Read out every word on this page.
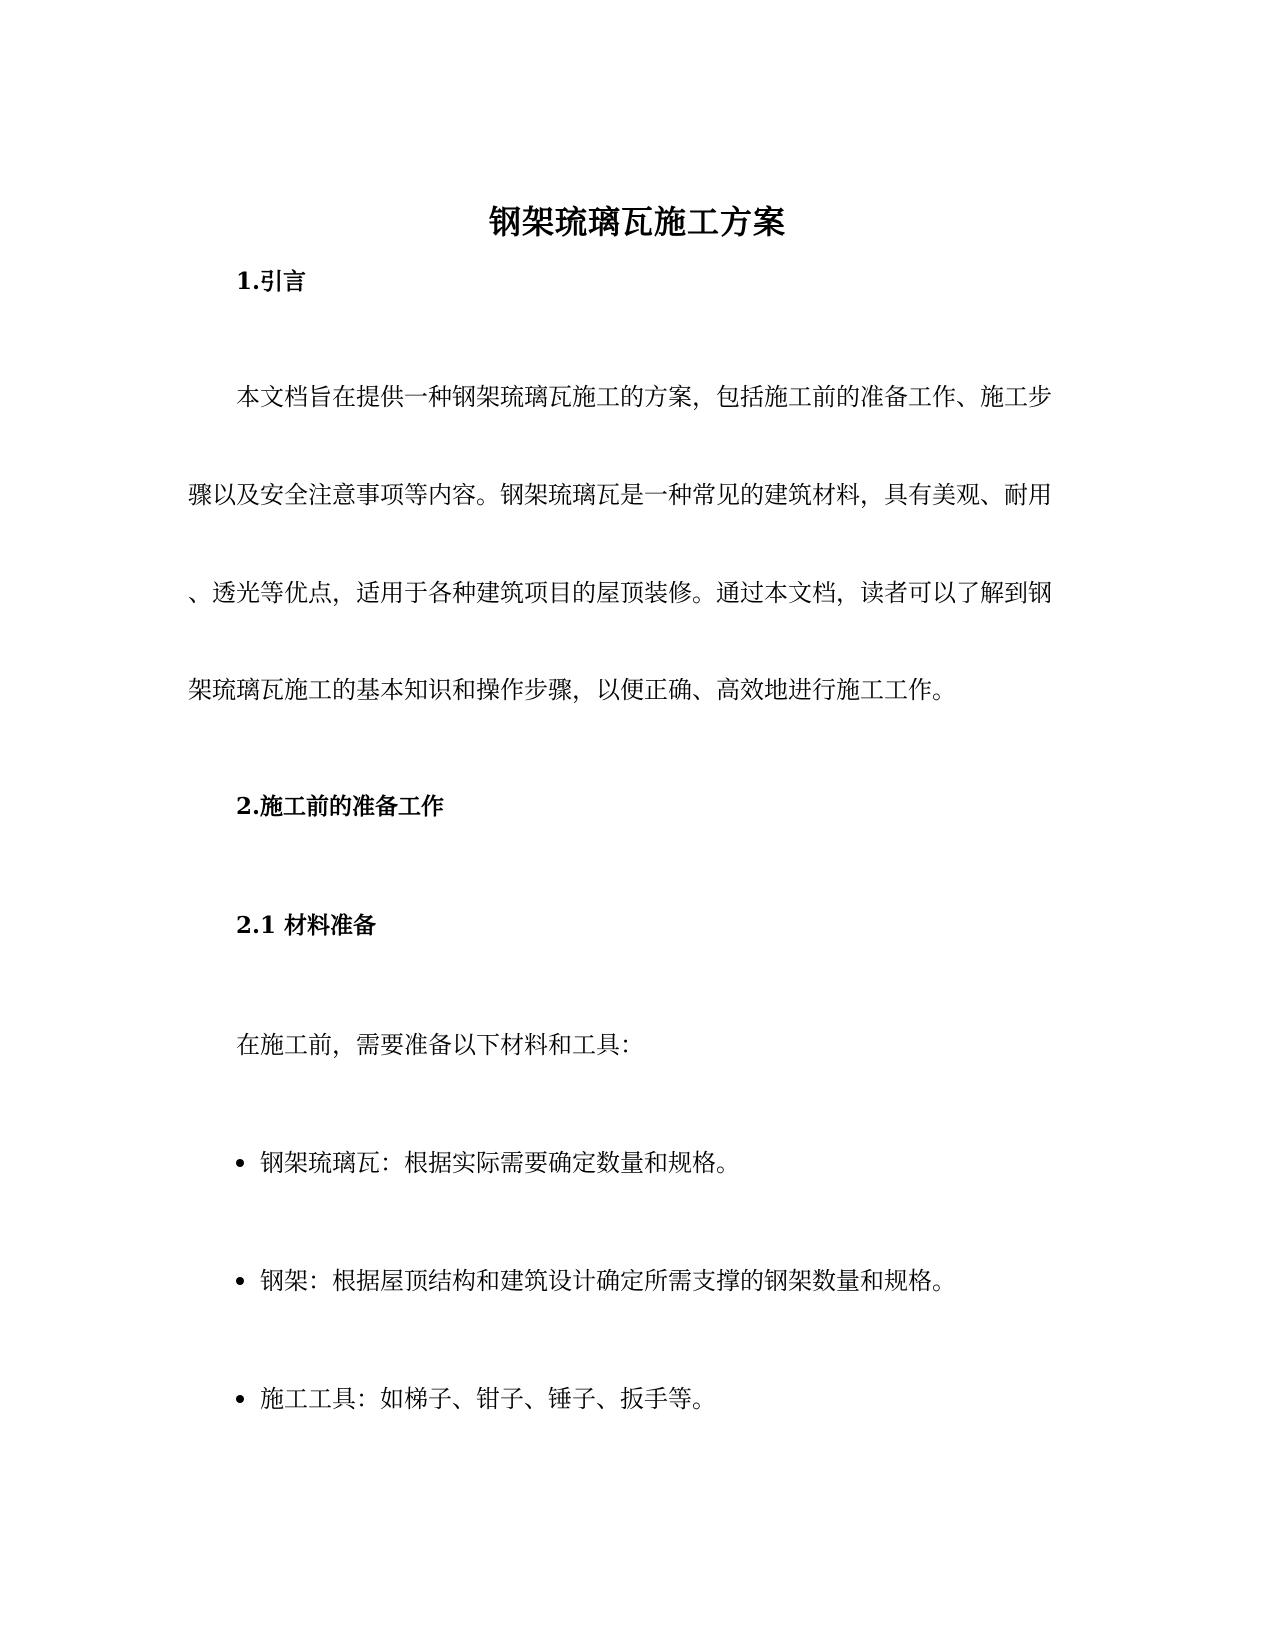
钢架琉璃瓦施工方案
1.引言
本文档旨在提供一种钢架琉璃瓦施工的方案，包括施工前的准备工作、施工步
骤以及安全注意事项等内容。钢架琉璃瓦是一种常见的建筑材料，具有美观、耐用
、透光等优点，适用于各种建筑项目的屋顶装修。通过本文档，读者可以了解到钢
架琉璃瓦施工的基本知识和操作步骤，以便正确、高效地进行施工工作。
2.施工前的准备工作
2.1 材料准备
在施工前，需要准备以下材料和工具：
钢架琉璃瓦：根据实际需要确定数量和规格。
钢架：根据屋顶结构和建筑设计确定所需支撑的钢架数量和规格。
施工工具：如梯子、钳子、锤子、扳手等。
